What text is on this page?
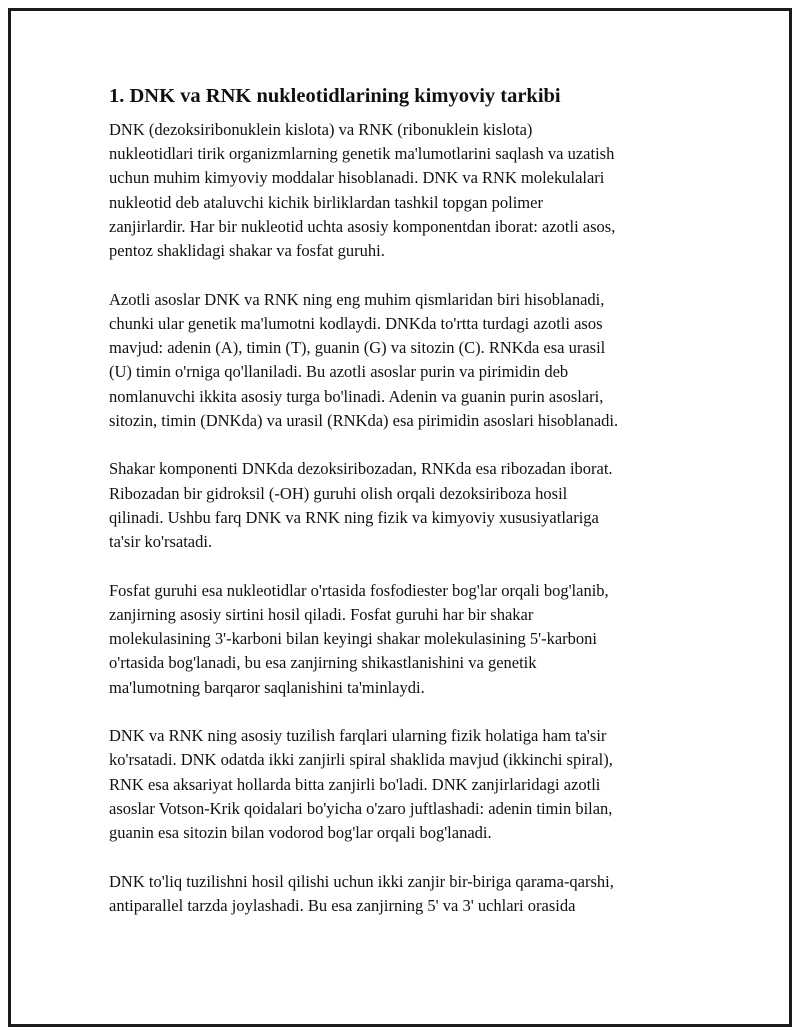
1. DNK va RNK nukleotidlarining kimyoviy tarkibi

DNK (dezoksiribonuklein kislota) va RNK (ribonuklein kislota)
nukleotidlari tirik organizmlarning genetik ma'lumotlarini saqlash va uzatish
uchun muhim kimyoviy moddalar hisoblanadi. DNK va RNK molekulalari
nukleotid deb ataluvchi kichik birliklardan tashkil topgan polimer
zanjirlardir. Har bir nukleotid uchta asosiy komponentdan iborat: azotli asos,
pentoz shaklidagi shakar va fosfat guruhi.

Azotli asoslar DNK va RNK ning eng muhim qismlaridan biri hisoblanadi,
chunki ular genetik ma'lumotni kodlaydi. DNKda to'rtta turdagi azotli asos
mavjud: adenin (A), timin (T), guanin (G) va sitozin (C). RNKda esa urasil
(U) timin o'rniga qo'llaniladi. Bu azotli asoslar purin va pirimidin deb
nomlanuvchi ikkita asosiy turga bo'linadi. Adenin va guanin purin asoslari,
sitozin, timin (DNKda) va urasil (RNKda) esa pirimidin asoslari hisoblanadi.

Shakar komponenti DNKda dezoksiribozadan, RNKda esa ribozadan iborat.
Ribozadan bir gidroksil (-OH) guruhi olish orqali dezoksiriboza hosil
qilinadi. Ushbu farq DNK va RNK ning fizik va kimyoviy xususiyatlariga
ta'sir ko'rsatadi.

Fosfat guruhi esa nukleotidlar o'rtasida fosfodiester bog'lar orqali bog'lanib,
zanjirning asosiy sirtini hosil qiladi. Fosfat guruhi har bir shakar
molekulasining 3'-karboni bilan keyingi shakar molekulasining 5'-karboni
o'rtasida bog'lanadi, bu esa zanjirning shikastlanishini va genetik
ma'lumotning barqaror saqlanishini ta'minlaydi.

DNK va RNK ning asosiy tuzilish farqlari ularning fizik holatiga ham ta'sir
ko'rsatadi. DNK odatda ikki zanjirli spiral shaklida mavjud (ikkinchi spiral),
RNK esa aksariyat hollarda bitta zanjirli bo'ladi. DNK zanjirlaridagi azotli
asoslar Votson-Krik qoidalari bo'yicha o'zaro juftlashadi: adenin timin bilan,
guanin esa sitozin bilan vodorod bog'lar orqali bog'lanadi.

DNK to'liq tuzilishni hosil qilishi uchun ikki zanjir bir-biriga qarama-qarshi,
antiparallel tarzda joylashadi. Bu esa zanjirning 5' va 3' uchlari orasida
